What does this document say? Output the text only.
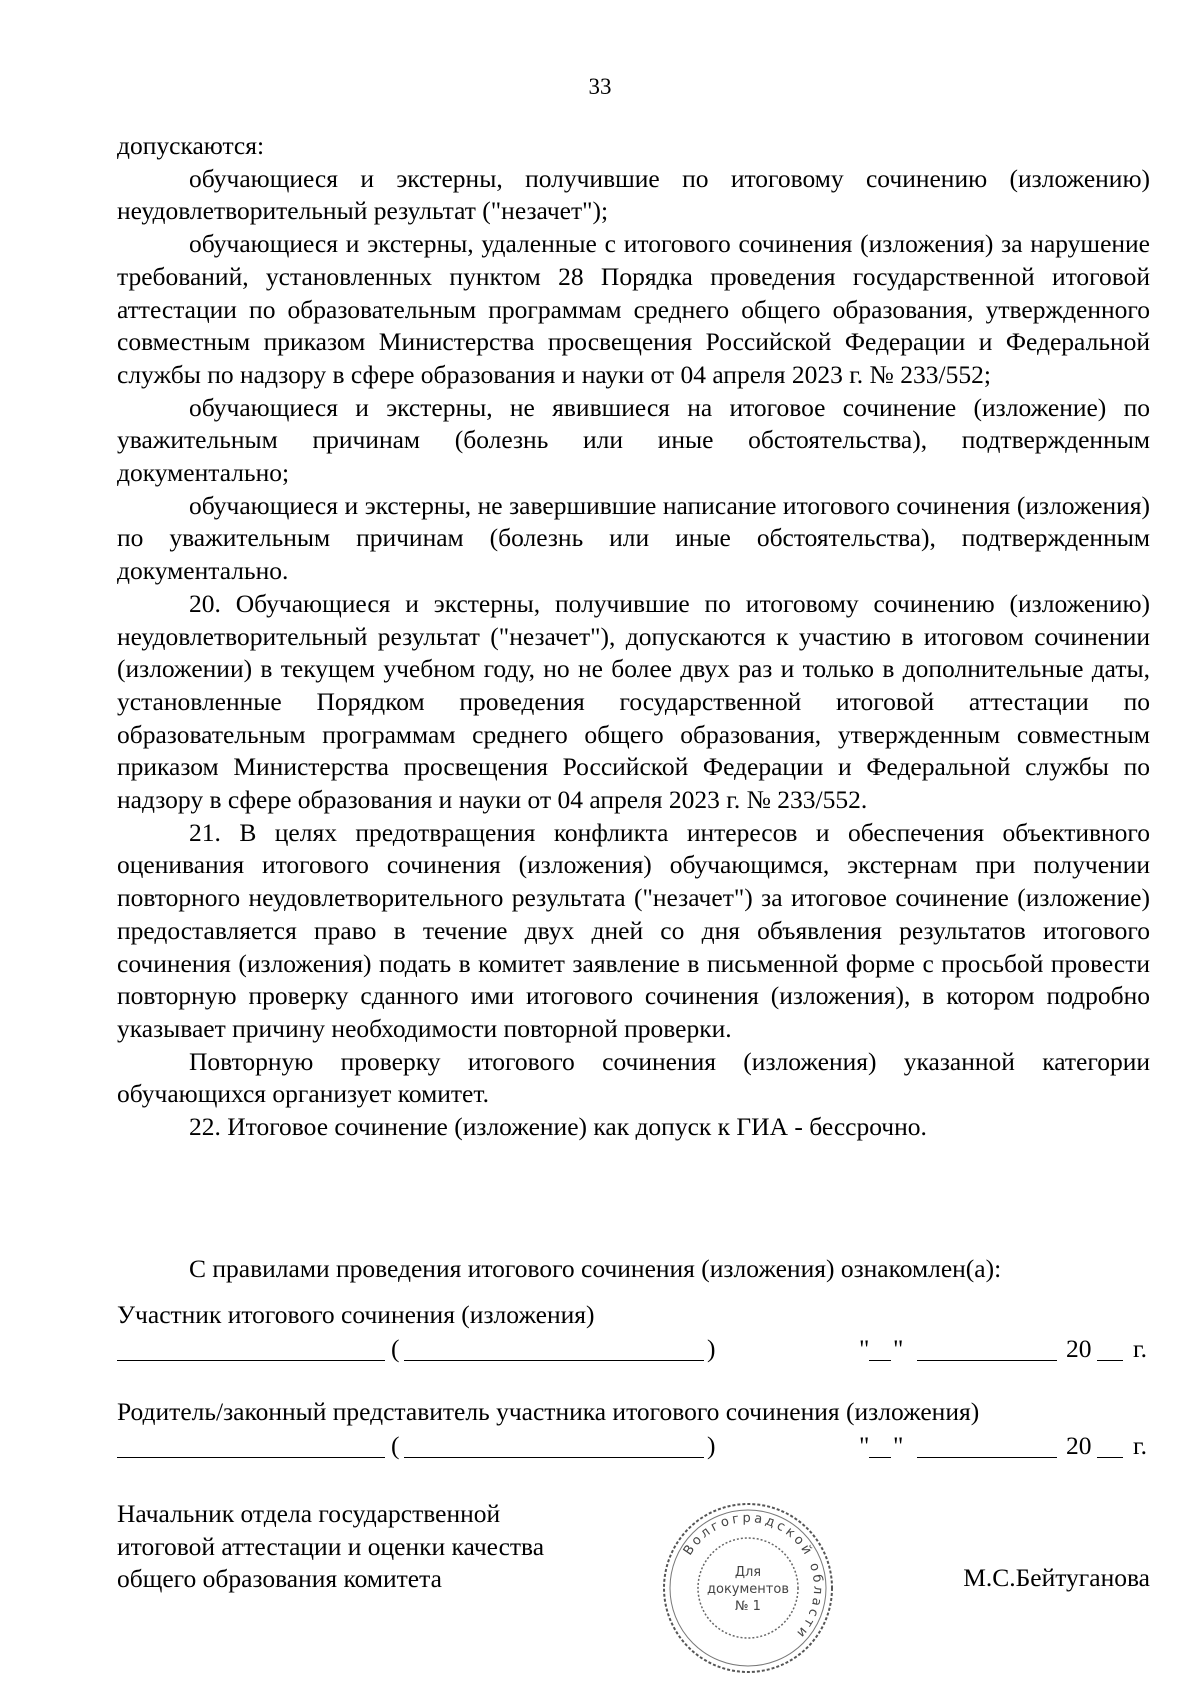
33

допускаются:

обучающиеся и экстерны, получившие по итоговому сочинению (изложению) неудовлетворительный результат ("незачет");

обучающиеся и экстерны, удаленные с итогового сочинения (изложения) за нарушение требований, установленных пунктом 28 Порядка проведения государственной итоговой аттестации по образовательным программам среднего общего образования, утвержденного совместным приказом Министерства просвещения Российской Федерации и Федеральной службы по надзору в сфере образования и науки от 04 апреля 2023 г. № 233/552;

обучающиеся и экстерны, не явившиеся на итоговое сочинение (изложение) по уважительным причинам (болезнь или иные обстоятельства), подтвержденным документально;

обучающиеся и экстерны, не завершившие написание итогового сочинения (изложения) по уважительным причинам (болезнь или иные обстоятельства), подтвержденным документально.

20. Обучающиеся и экстерны, получившие по итоговому сочинению (изложению) неудовлетворительный результат ("незачет"), допускаются к участию в итоговом сочинении (изложении) в текущем учебном году, но не более двух раз и только в дополнительные даты, установленные Порядком проведения государственной итоговой аттестации по образовательным программам среднего общего образования, утвержденным совместным приказом Министерства просвещения Российской Федерации и Федеральной службы по надзору в сфере образования и науки от 04 апреля 2023 г. № 233/552.

21. В целях предотвращения конфликта интересов и обеспечения объективного оценивания итогового сочинения (изложения) обучающимся, экстернам при получении повторного неудовлетворительного результата ("незачет") за итоговое сочинение (изложение) предоставляется право в течение двух дней со дня объявления результатов итогового сочинения (изложения) подать в комитет заявление в письменной форме с просьбой провести повторную проверку сданного ими итогового сочинения (изложения), в котором подробно указывает причину необходимости повторной проверки.

Повторную проверку итогового сочинения (изложения) указанной категории обучающихся организует комитет.

22. Итоговое сочинение (изложение) как допуск к ГИА - бессрочно.

С правилами проведения итогового сочинения (изложения) ознакомлен(а):
Участник итогового сочинения (изложения)
(	)	" "	20 г.
Родитель/законный представитель участника итогового сочинения (изложения)
(	)	" "	20 г.
Начальник отдела государственной
итоговой аттестации и оценки качества
общего образования комитета
Волгоградской области
Для
документов
№ 1
М.С.Бейтуганова
